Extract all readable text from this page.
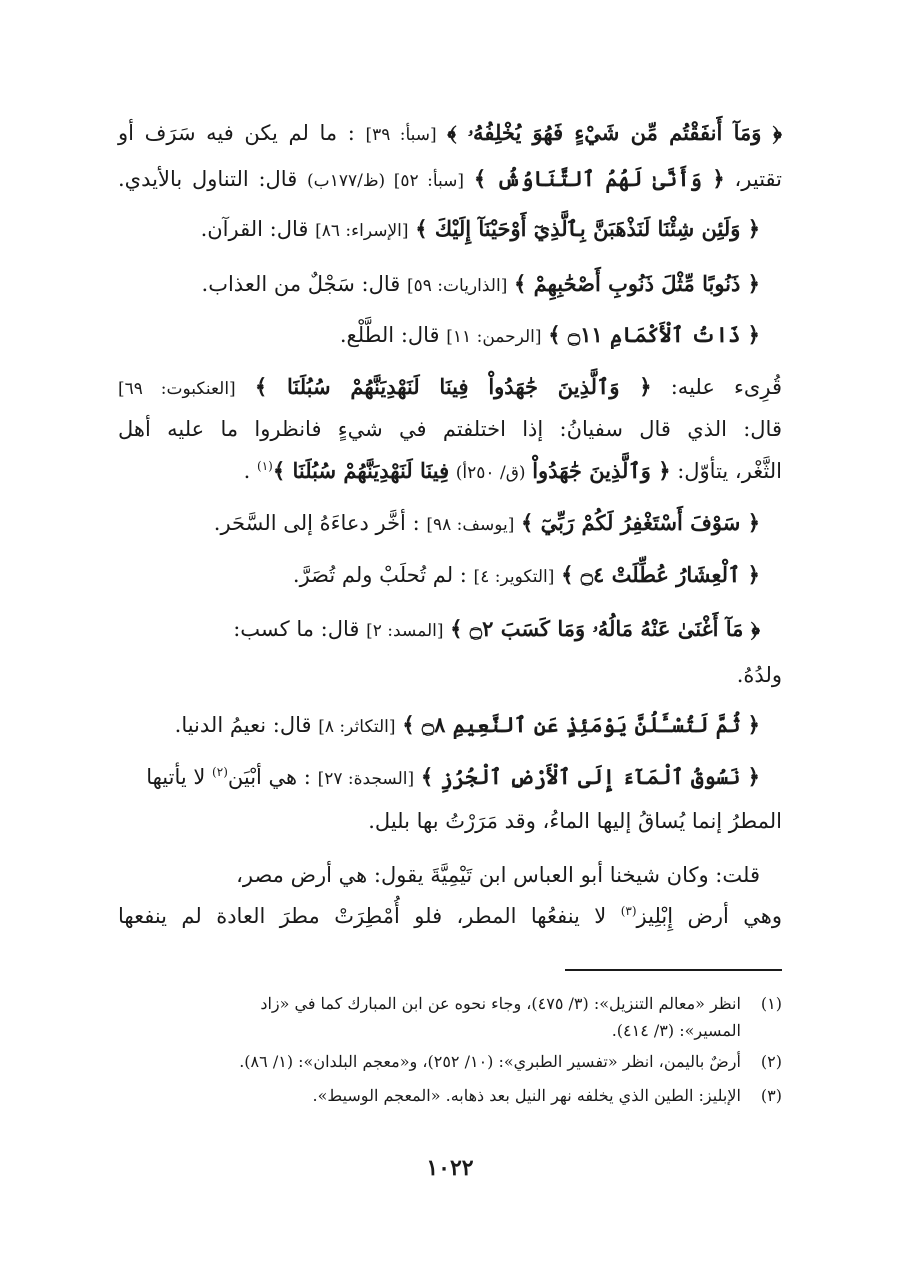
﴿ وَمَآ أَنفَقْتُم مِّن شَيْءٍ فَهُوَ يُخْلِفُهُۥ ﴾ [سبأ: ٣٩] : ما لم يكن فيه سَرَف أو
تقتير، ﴿ وَأَنَّىٰ لَهُمُ ٱلتَّنَاوُشُ ﴾ [سبأ: ٥٢] (ظ/١٧٧ب) قال: التناول بالأيدي.
﴿ وَلَئِن شِئْنَا لَنَذْهَبَنَّ بِٱلَّذِيٓ أَوْحَيْنَآ إِلَيْكَ ﴾ [الإسراء: ٨٦] قال: القرآن.
﴿ ذَنُوبًا مِّثْلَ ذَنُوبِ أَصْحَٰبِهِمْ ﴾ [الذاريات: ٥٩] قال: سَجْلٌ من العذاب.
﴿ ذَاتُ ٱلْأَكْمَامِ ۝١١ ﴾ [الرحمن: ١١] قال: الطَّلْع.
قُرِىء عليه: ﴿ وَٱلَّذِينَ جَٰهَدُواْ فِينَا لَنَهْدِيَنَّهُمْ سُبُلَنَا ﴾ [العنكبوت: ٦٩]
قال: الذي قال سفيانُ: إذا اختلفتم في شيءٍ فانظروا ما عليه أهل
الثَّغْر، يتأوّل: ﴿ وَٱلَّذِينَ جَٰهَدُواْ (ق/ ٢٥٠أ) فِينَا لَنَهْدِيَنَّهُمْ سُبُلَنَا ﴾$^{(١)}$ .
﴿ سَوْفَ أَسْتَغْفِرُ لَكُمْ رَبِّيٓ ﴾ [يوسف: ٩٨] : أخَّر دعاءَهُ إلى السَّحَر.
﴿ ٱلْعِشَارُ عُطِّلَتْ ۝٤ ﴾ [التكوير: ٤] : لم تُحلَبْ ولم تُصَرَّ.
﴿ مَآ أَغْنَىٰ عَنْهُ مَالُهُۥ وَمَا كَسَبَ ۝٢ ﴾ [المسد: ٢] قال: ما كسب:
ولدُهُ.
﴿ ثُمَّ لَتُسْـَٔلُنَّ يَوْمَئِذٍ عَنِ ٱلنَّعِيمِ ۝٨ ﴾ [التكاثر: ٨] قال: نعيمُ الدنيا.
﴿ نَسُوقُ ٱلْمَآءَ إِلَى ٱلْأَرْضِ ٱلْجُرُزِ ﴾ [السجدة: ٢٧] : هي أبْيَن$^{(٢)}$ لا يأتيها
المطرُ إنما يُساقُ إليها الماءُ، وقد مَرَرْتُ بها بليل.
قلت: وكان شيخنا أبو العباس ابن تَيْمِيَّةَ يقول: هي أرض مصر،
وهي أرض إِبْلِيز$^{(٣)}$ لا ينفعُها المطر، فلو أُمْطِرَتْ مطرَ العادة لم ينفعها
(١) انظر «معالم التنزيل»: (٣/ ٤٧٥)، وجاء نحوه عن ابن المبارك كما في «زاد
المسير»: (٣/ ٤١٤).
(٢) أرضٌ باليمن، انظر «تفسير الطبري»: (١٠/ ٢٥٢)، و«معجم البلدان»: (١/ ٨٦).
(٣) الإبليز: الطين الذي يخلفه نهر النيل بعد ذهابه. «المعجم الوسيط».
١٠٢٢
